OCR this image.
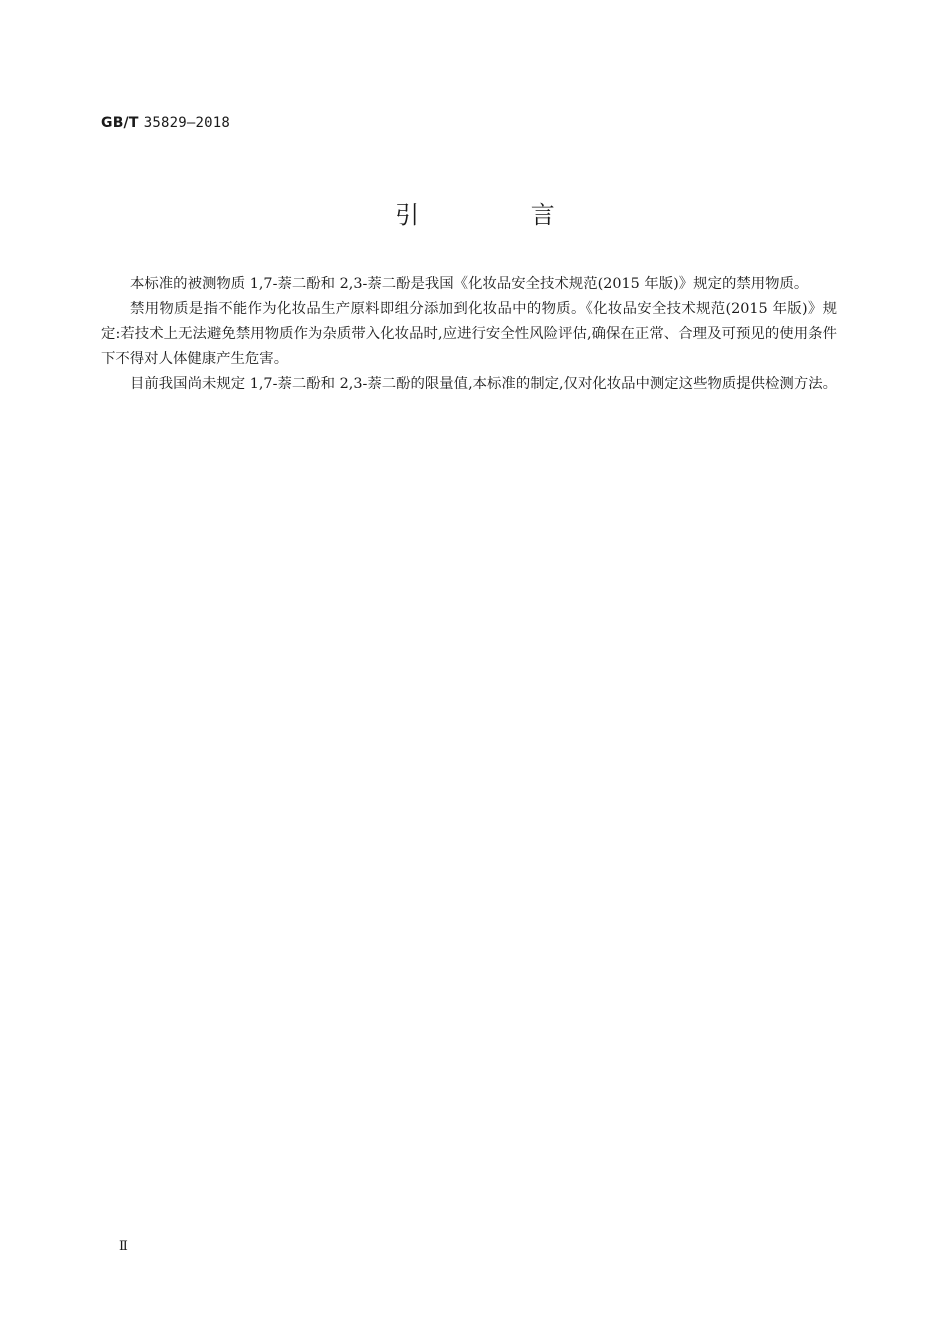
GB/T 35829—2018
引 言

本标准的被测物质 1,7-萘二酚和 2,3-萘二酚是我国《化妆品安全技术规范(2015 年版)》规定的禁用物质。

禁用物质是指不能作为化妆品生产原料即组分添加到化妆品中的物质。《化妆品安全技术规范(2015 年版)》规定:若技术上无法避免禁用物质作为杂质带入化妆品时,应进行安全性风险评估,确保在正常、合理及可预见的使用条件下不得对人体健康产生危害。

目前我国尚未规定 1,7-萘二酚和 2,3-萘二酚的限量值,本标准的制定,仅对化妆品中测定这些物质提供检测方法。

Ⅱ
